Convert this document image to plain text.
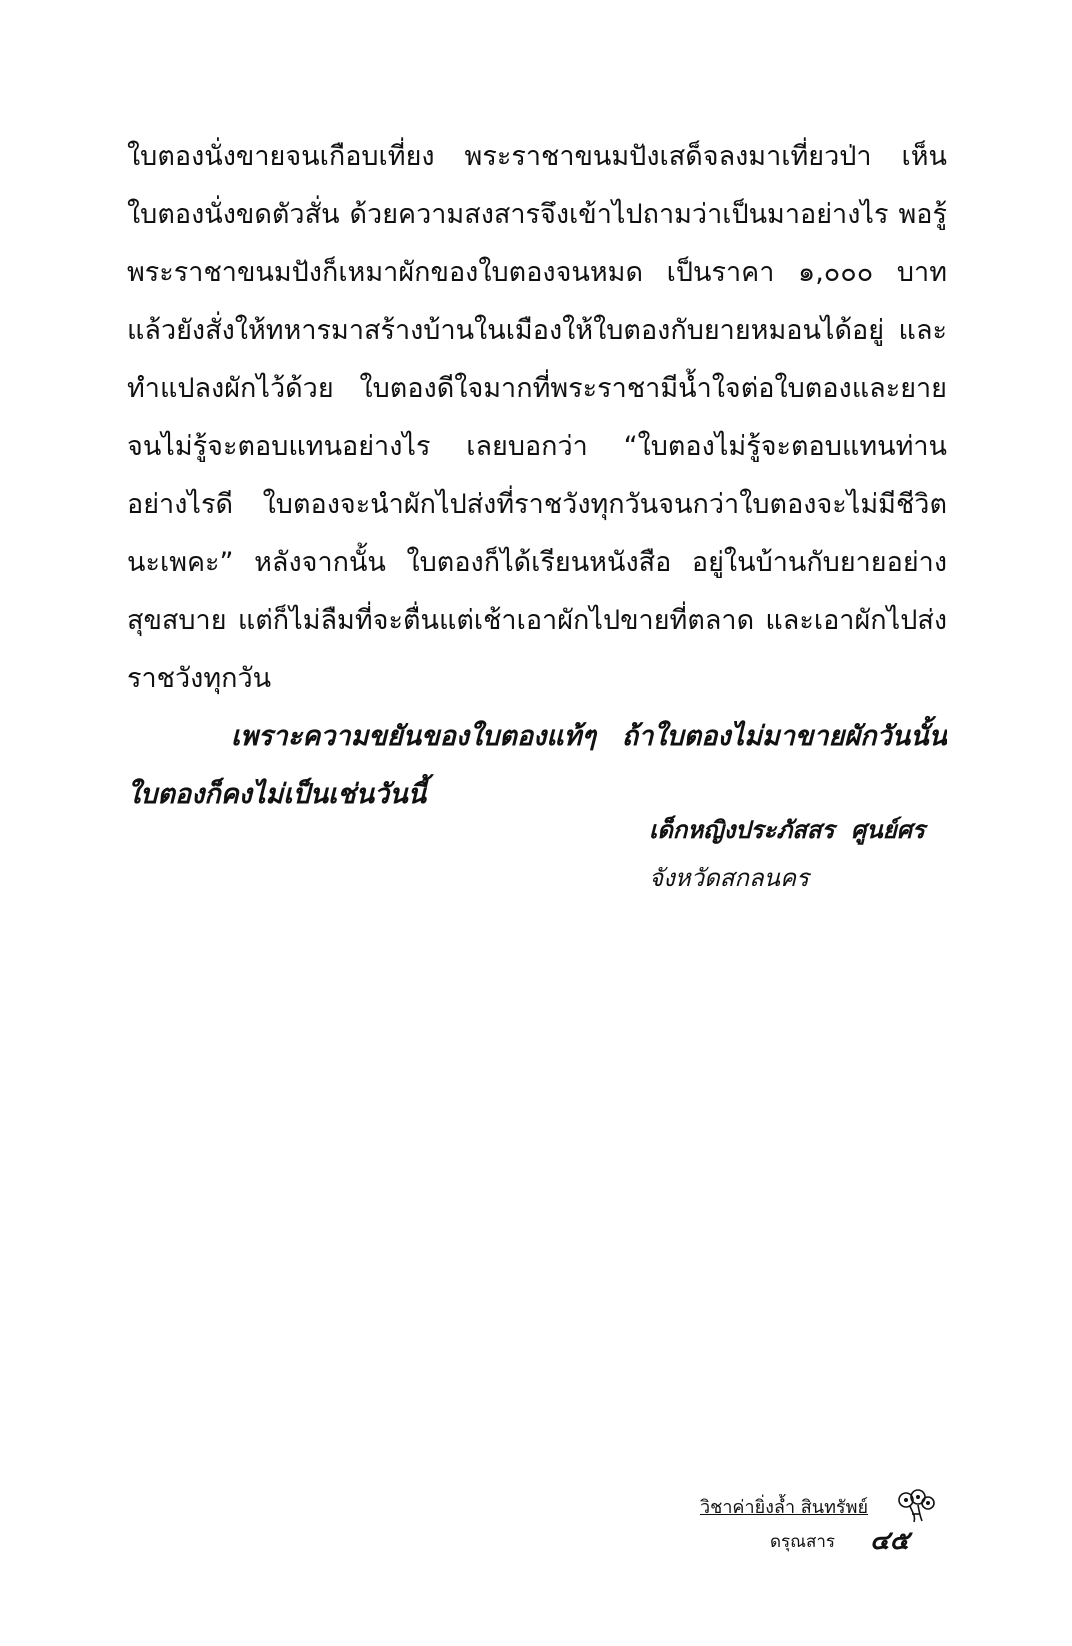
ใบตองนั่งขายจนเกือบเที่ยง พระราชาขนมปังเสด็จลงมาเที่ยวป่า เห็น
ใบตองนั่งขดตัวสั่น ด้วยความสงสารจึงเข้าไปถามว่าเป็นมาอย่างไร พอรู้
พระราชาขนมปังก็เหมาผักของใบตองจนหมด เป็นราคา ๑,๐๐๐ บาท
แล้วยังสั่งให้ทหารมาสร้างบ้านในเมืองให้ใบตองกับยายหมอนได้อยู่ และ
ทำแปลงผักไว้ด้วย ใบตองดีใจมากที่พระราชามีน้ำใจต่อใบตองและยาย
จนไม่รู้จะตอบแทนอย่างไร เลยบอกว่า “ใบตองไม่รู้จะตอบแทนท่าน
อย่างไรดี ใบตองจะนำผักไปส่งที่ราชวังทุกวันจนกว่าใบตองจะไม่มีชีวิต
นะเพคะ” หลังจากนั้น ใบตองก็ได้เรียนหนังสือ อยู่ในบ้านกับยายอย่าง
สุขสบาย แต่ก็ไม่ลืมที่จะตื่นแต่เช้าเอาผักไปขายที่ตลาด และเอาผักไปส่ง
ราชวังทุกวัน
เพราะความขยันของใบตองแท้ๆ ถ้าใบตองไม่มาขายผักวันนั้น
ใบตองก็คงไม่เป็นเช่นวันนี้
เด็กหญิงประภัสสร  ศูนย์ศร
จังหวัดสกลนคร
วิชาค่ายิ่งล้ำ สินทรัพย์
ดรุณสาร ๔๕
